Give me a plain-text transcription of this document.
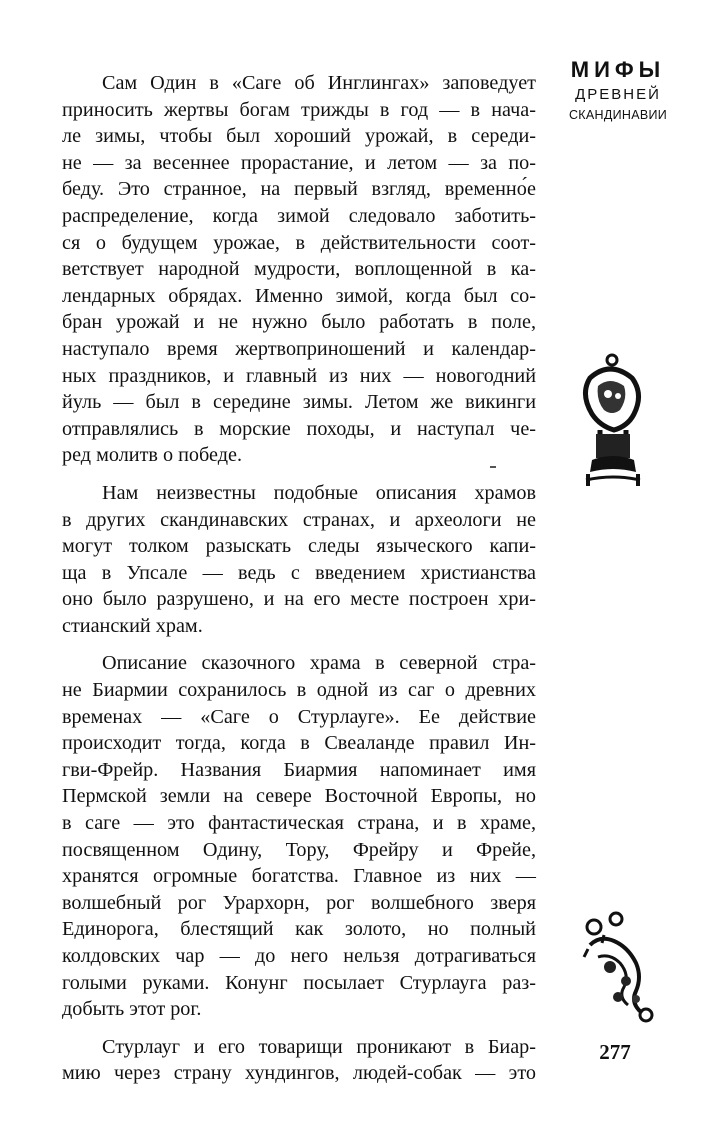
Сам Один в «Саге об Инглингах» заповедует
приносить жертвы богам трижды в год — в нача-
ле зимы, чтобы был хороший урожай, в середи-
не — за весеннее прорастание, и летом — за по-
беду. Это странное, на первый взгляд, временно́е
распределение, когда зимой следовало заботить-
ся о будущем урожае, в действительности соот-
ветствует народной мудрости, воплощенной в ка-
лендарных обрядах. Именно зимой, когда был со-
бран урожай и не нужно было работать в поле,
наступало время жертвоприношений и календар-
ных праздников, и главный из них — новогодний
йуль — был в середине зимы. Летом же викинги
отправлялись в морские походы, и наступал че-
ред молитв о победе.
Нам неизвестны подобные описания храмов
в других скандинавских странах, и археологи не
могут толком разыскать следы языческого капи-
ща в Упсале — ведь с введением христианства
оно было разрушено, и на его месте построен хри-
стианский храм.
Описание сказочного храма в северной стра-
не Биармии сохранилось в одной из саг о древних
временах — «Саге о Стурлауге». Ее действие
происходит тогда, когда в Свеаланде правил Ин-
гви-Фрейр. Названия Биармия напоминает имя
Пермской земли на севере Восточной Европы, но
в саге — это фантастическая страна, и в храме,
посвященном Одину, Тору, Фрейру и Фрейе,
хранятся огромные богатства. Главное из них —
волшебный рог Урархорн, рог волшебного зверя
Единорога, блестящий как золото, но полный
колдовских чар — до него нельзя дотрагиваться
голыми руками. Конунг посылает Стурлауга раз-
добыть этот рог.
Стурлауг и его товарищи проникают в Биар-
мию через страну хундингов, людей-собак — это
МИФЫ
ДРЕВНЕЙ
СКАНДИНАВИИ
277
